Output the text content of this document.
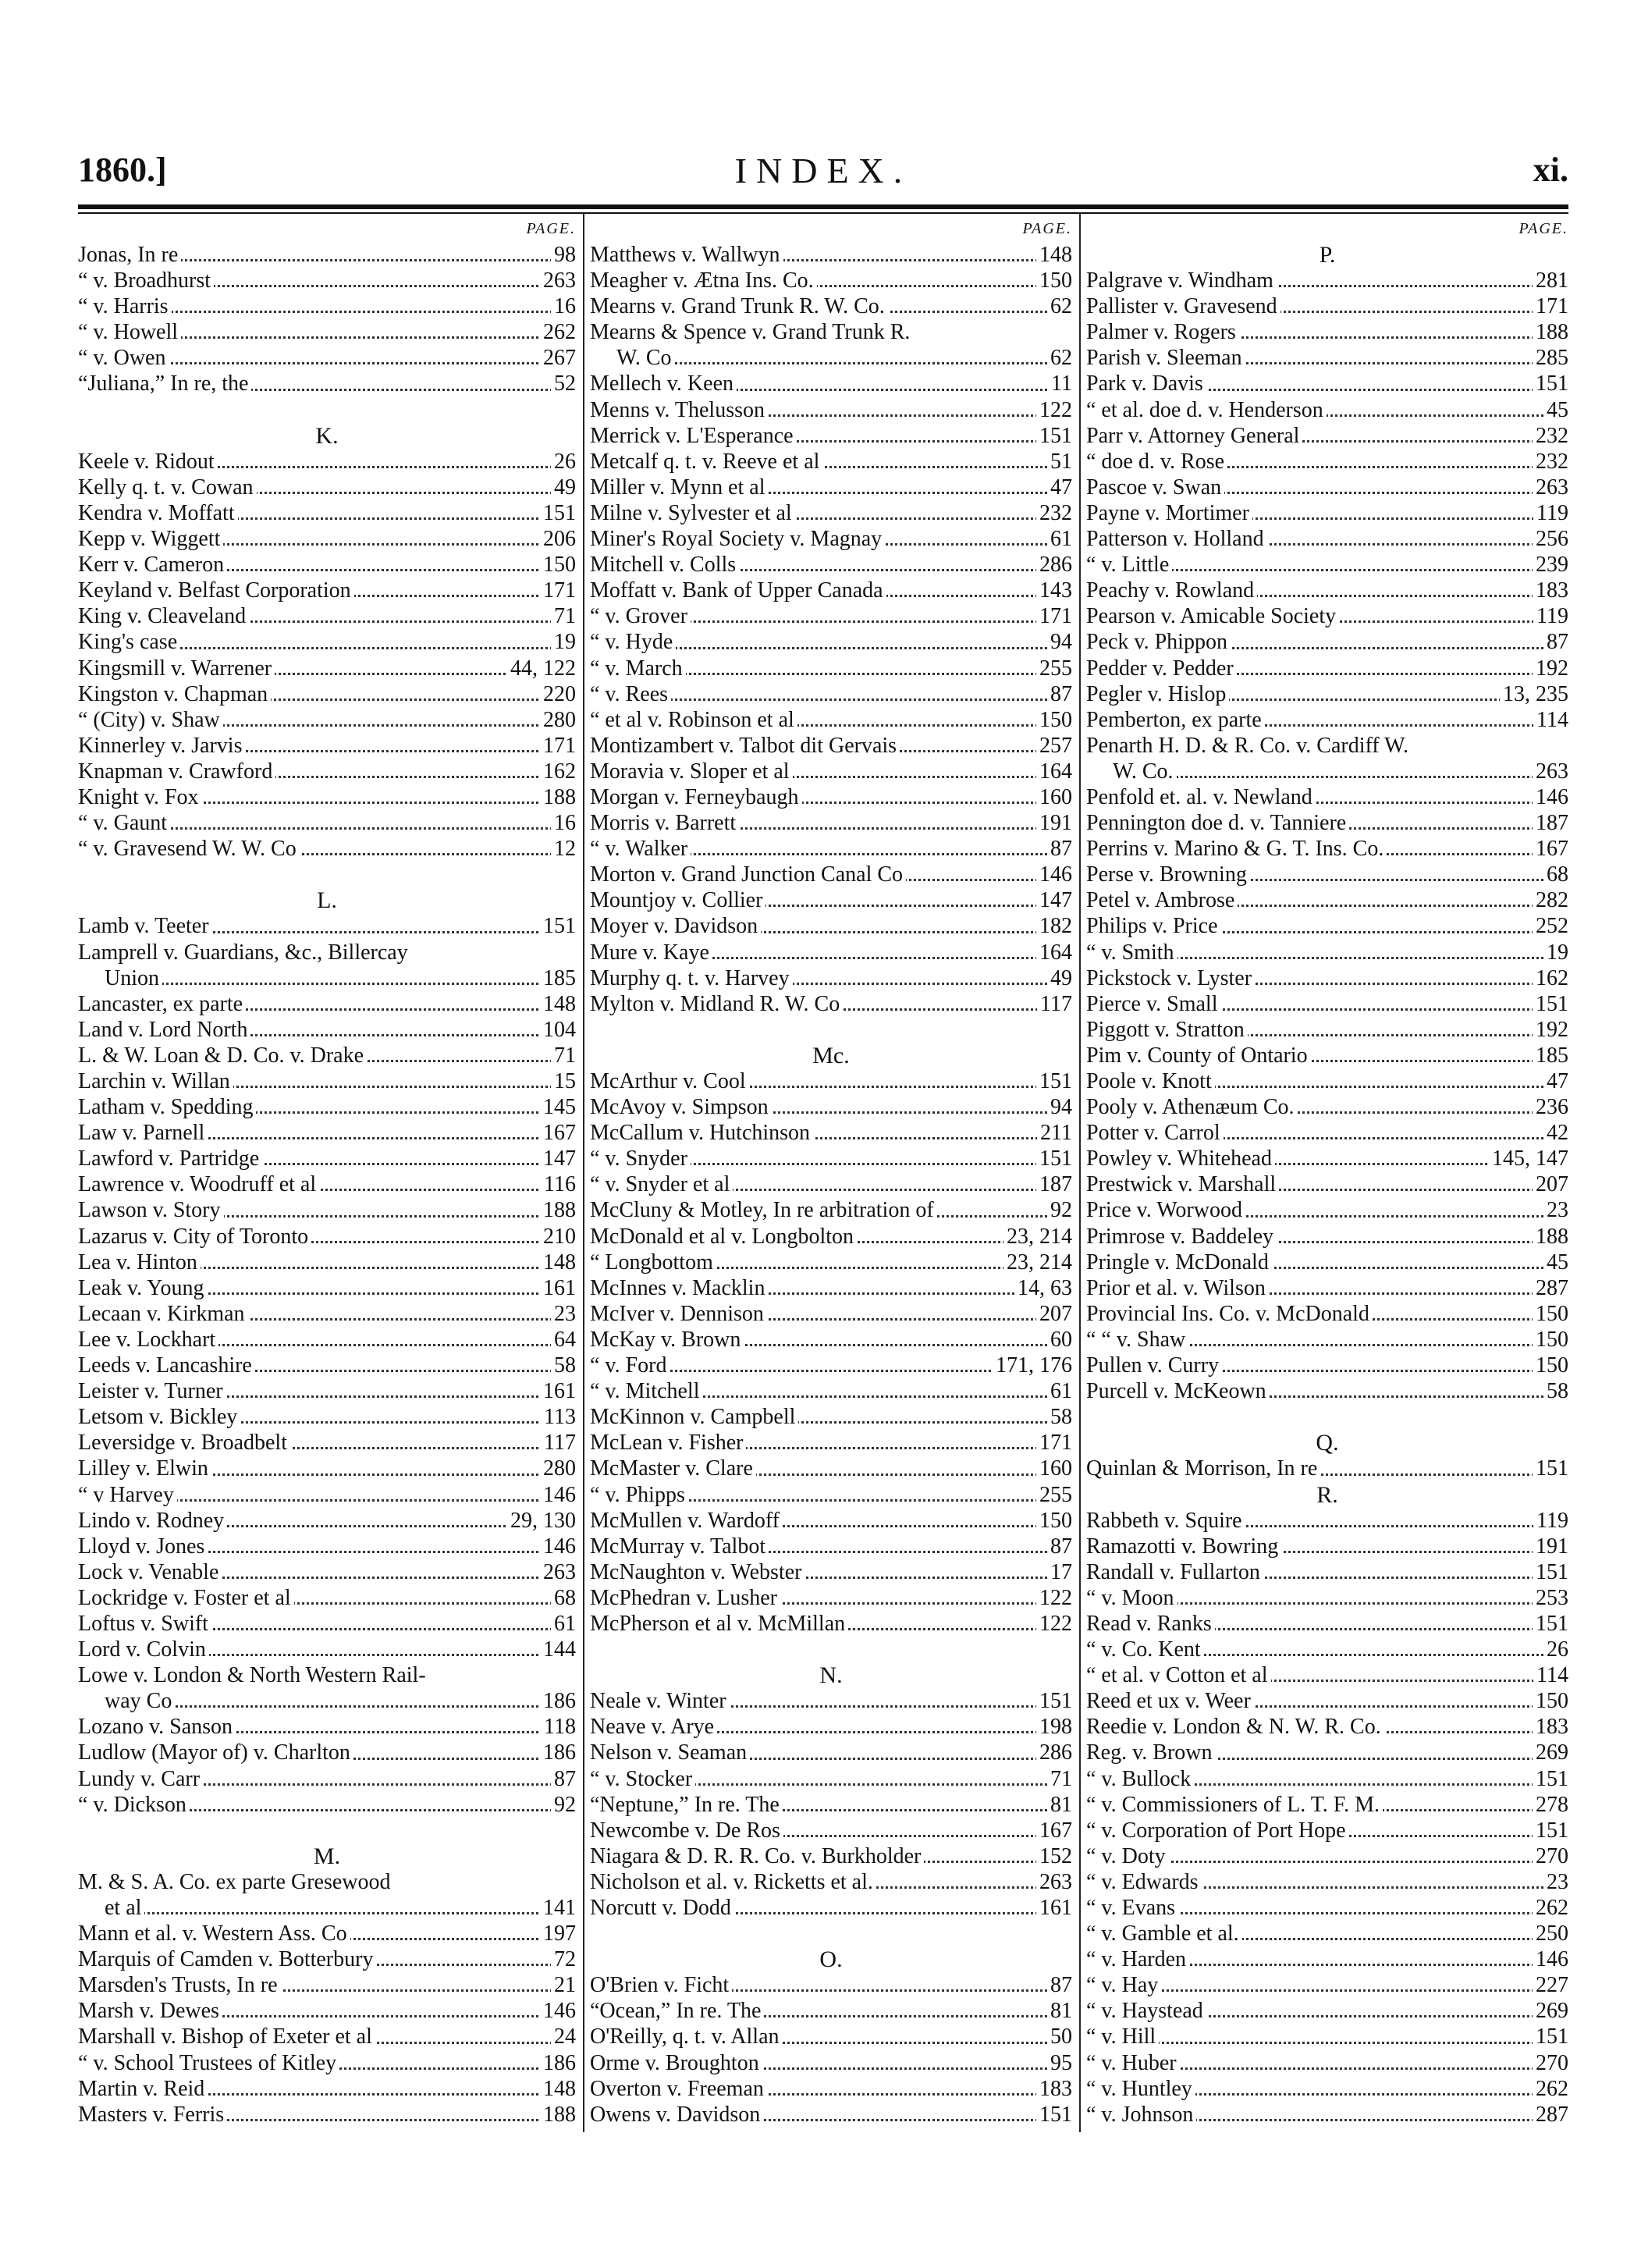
INDEX.
1860.]	xi.
PAGE.
Jonas, In re	98
“ v. Broadhurst	263
“ v. Harris	16
“ v. Howell	262
“ v. Owen	267
“Juliana,” In re, the	52
K.
Keele v. Ridout	26
Kelly q. t. v. Cowan	49
Kendra v. Moffatt	151
Kepp v. Wiggett	206
Kerr v. Cameron	150
Keyland v. Belfast Corporation	171
King v. Cleaveland	71
King's case	19
Kingsmill v. Warrener	44, 122
Kingston v. Chapman	220
“ (City) v. Shaw	280
Kinnerley v. Jarvis	171
Knapman v. Crawford	162
Knight v. Fox	188
“ v. Gaunt	16
“ v. Gravesend W. W. Co	12
L.
Lamb v. Teeter	151
Lamprell v. Guardians, &c., Billercay
Union	185
Lancaster, ex parte	148
Land v. Lord North	104
L. & W. Loan & D. Co. v. Drake	71
Larchin v. Willan	15
Latham v. Spedding	145
Law v. Parnell	167
Lawford v. Partridge	147
Lawrence v. Woodruff et al	116
Lawson v. Story	188
Lazarus v. City of Toronto	210
Lea v. Hinton	148
Leak v. Young	161
Lecaan v. Kirkman	23
Lee v. Lockhart	64
Leeds v. Lancashire	58
Leister v. Turner	161
Letsom v. Bickley	113
Leversidge v. Broadbelt	117
Lilley v. Elwin	280
“ v Harvey	146
Lindo v. Rodney	29, 130
Lloyd v. Jones	146
Lock v. Venable	263
Lockridge v. Foster et al	68
Loftus v. Swift	61
Lord v. Colvin	144
Lowe v. London & North Western Rail-
way Co	186
Lozano v. Sanson	118
Ludlow (Mayor of) v. Charlton	186
Lundy v. Carr	87
“ v. Dickson	92
M.
M. & S. A. Co. ex parte Gresewood
et al	141
Mann et al. v. Western Ass. Co	197
Marquis of Camden v. Botterbury	72
Marsden's Trusts, In re	21
Marsh v. Dewes	146
Marshall v. Bishop of Exeter et al	24
“ v. School Trustees of Kitley	186
Martin v. Reid	148
Masters v. Ferris	188
PAGE.
Matthews v. Wallwyn	148
Meagher v. Ætna Ins. Co.	150
Mearns v. Grand Trunk R. W. Co.	62
Mearns & Spence v. Grand Trunk R.
W. Co	62
Mellech v. Keen	11
Menns v. Thelusson	122
Merrick v. L'Esperance	151
Metcalf q. t. v. Reeve et al	51
Miller v. Mynn et al	47
Milne v. Sylvester et al	232
Miner's Royal Society v. Magnay	61
Mitchell v. Colls	286
Moffatt v. Bank of Upper Canada	143
“ v. Grover	171
“ v. Hyde	94
“ v. March	255
“ v. Rees	87
“ et al v. Robinson et al	150
Montizambert v. Talbot dit Gervais	257
Moravia v. Sloper et al	164
Morgan v. Ferneybaugh	160
Morris v. Barrett	191
“ v. Walker	87
Morton v. Grand Junction Canal Co	146
Mountjoy v. Collier	147
Moyer v. Davidson	182
Mure v. Kaye	164
Murphy q. t. v. Harvey	49
Mylton v. Midland R. W. Co	117
Mc.
McArthur v. Cool	151
McAvoy v. Simpson	94
McCallum v. Hutchinson	211
“ v. Snyder	151
“ v. Snyder et al	187
McCluny & Motley, In re arbitration of	92
McDonald et al v. Longbolton	23, 214
“ Longbottom	23, 214
McInnes v. Macklin	14, 63
McIver v. Dennison	207
McKay v. Brown	60
“ v. Ford	171, 176
“ v. Mitchell	61
McKinnon v. Campbell	58
McLean v. Fisher	171
McMaster v. Clare	160
“ v. Phipps	255
McMullen v. Wardoff	150
McMurray v. Talbot	87
McNaughton v. Webster	17
McPhedran v. Lusher	122
McPherson et al v. McMillan	122
N.
Neale v. Winter	151
Neave v. Arye	198
Nelson v. Seaman	286
“ v. Stocker	71
“Neptune,” In re. The	81
Newcombe v. De Ros	167
Niagara & D. R. R. Co. v. Burkholder	152
Nicholson et al. v. Ricketts et al.	263
Norcutt v. Dodd	161
O.
O'Brien v. Ficht	87
“Ocean,” In re. The	81
O'Reilly, q. t. v. Allan	50
Orme v. Broughton	95
Overton v. Freeman	183
Owens v. Davidson	151
PAGE.
P.
Palgrave v. Windham	281
Pallister v. Gravesend	171
Palmer v. Rogers	188
Parish v. Sleeman	285
Park v. Davis	151
“ et al. doe d. v. Henderson	45
Parr v. Attorney General	232
“ doe d. v. Rose	232
Pascoe v. Swan	263
Payne v. Mortimer	119
Patterson v. Holland	256
“ v. Little	239
Peachy v. Rowland	183
Pearson v. Amicable Society	119
Peck v. Phippon	87
Pedder v. Pedder	192
Pegler v. Hislop	13, 235
Pemberton, ex parte	114
Penarth H. D. & R. Co. v. Cardiff W.
W. Co.	263
Penfold et. al. v. Newland	146
Pennington doe d. v. Tanniere	187
Perrins v. Marino & G. T. Ins. Co.	167
Perse v. Browning	68
Petel v. Ambrose	282
Philips v. Price	252
“ v. Smith	19
Pickstock v. Lyster	162
Pierce v. Small	151
Piggott v. Stratton	192
Pim v. County of Ontario	185
Poole v. Knott	47
Pooly v. Athenæum Co.	236
Potter v. Carrol	42
Powley v. Whitehead	145, 147
Prestwick v. Marshall	207
Price v. Worwood	23
Primrose v. Baddeley	188
Pringle v. McDonald	45
Prior et al. v. Wilson	287
Provincial Ins. Co. v. McDonald	150
“ “ v. Shaw	150
Pullen v. Curry	150
Purcell v. McKeown	58
Q.
Quinlan & Morrison, In re	151
R.
Rabbeth v. Squire	119
Ramazotti v. Bowring	191
Randall v. Fullarton	151
“ v. Moon	253
Read v. Ranks	151
“ v. Co. Kent	26
“ et al. v Cotton et al	114
Reed et ux v. Weer	150
Reedie v. London & N. W. R. Co.	183
Reg. v. Brown	269
“ v. Bullock	151
“ v. Commissioners of L. T. F. M.	278
“ v. Corporation of Port Hope	151
“ v. Doty	270
“ v. Edwards	23
“ v. Evans	262
“ v. Gamble et al.	250
“ v. Harden	146
“ v. Hay	227
“ v. Haystead	269
“ v. Hill	151
“ v. Huber	270
“ v. Huntley	262
“ v. Johnson	287
